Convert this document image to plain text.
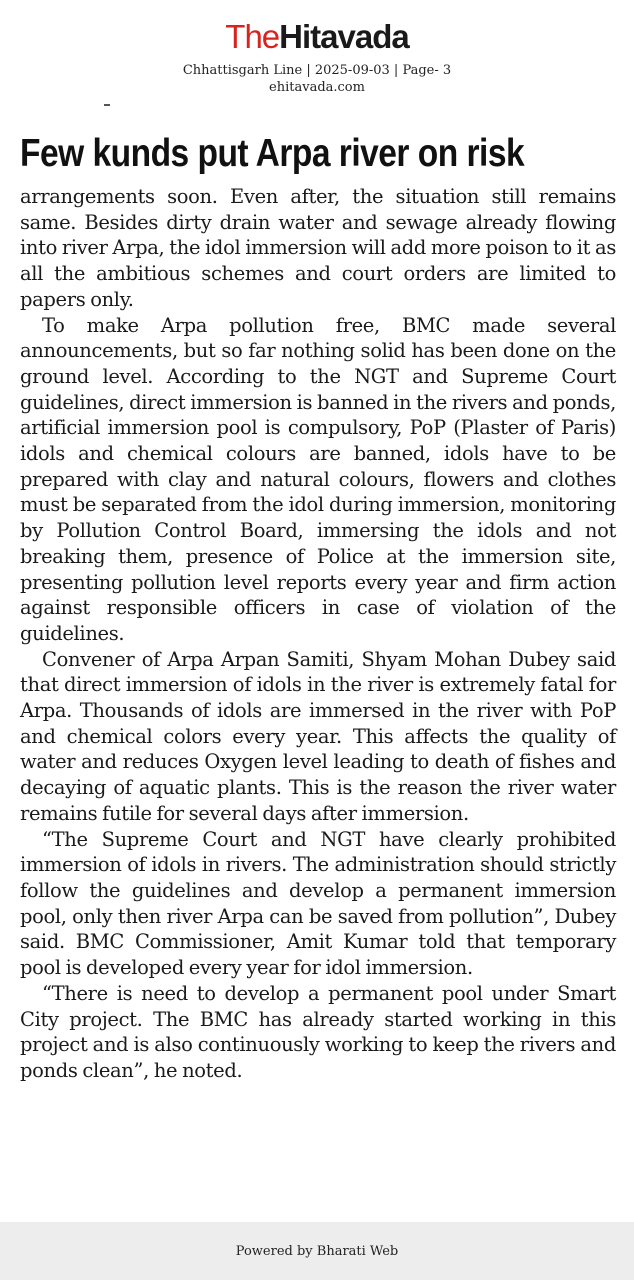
TheHitavada
Chhattisgarh Line | 2025-09-03 | Page- 3
ehitavada.com
Few kunds put Arpa river on risk

arrangements soon. Even after, the situation still remains same. Besides dirty drain water and sewage already flowing into river Arpa, the idol immersion will add more poison to it as all the ambitious schemes and court orders are limited to papers only.

To make Arpa pollution free, BMC made several announcements, but so far nothing solid has been done on the ground level. According to the NGT and Supreme Court guidelines, direct immersion is banned in the rivers and ponds, artificial immersion pool is compulsory, PoP (Plaster of Paris) idols and chemical colours are banned, idols have to be prepared with clay and natural colours, flowers and clothes must be separated from the idol during immersion, monitoring by Pollution Control Board, immersing the idols and not breaking them, presence of Police at the immersion site, presenting pollution level reports every year and firm action against responsible officers in case of violation of the guidelines.

Convener of Arpa Arpan Samiti, Shyam Mohan Dubey said that direct immersion of idols in the river is extremely fatal for Arpa. Thousands of idols are immersed in the river with PoP and chemical colors every year. This affects the quality of water and reduces Oxygen level leading to death of fishes and decaying of aquatic plants. This is the reason the river water remains futile for several days after immersion.

“The Supreme Court and NGT have clearly prohibited immersion of idols in rivers. The administration should strictly follow the guidelines and develop a permanent immersion pool, only then river Arpa can be saved from pollution”, Dubey said. BMC Commissioner, Amit Kumar told that temporary pool is developed every year for idol immersion.

“There is need to develop a permanent pool under Smart City project. The BMC has already started working in this project and is also continuously working to keep the rivers and ponds clean”, he noted.

Powered by Bharati Web
